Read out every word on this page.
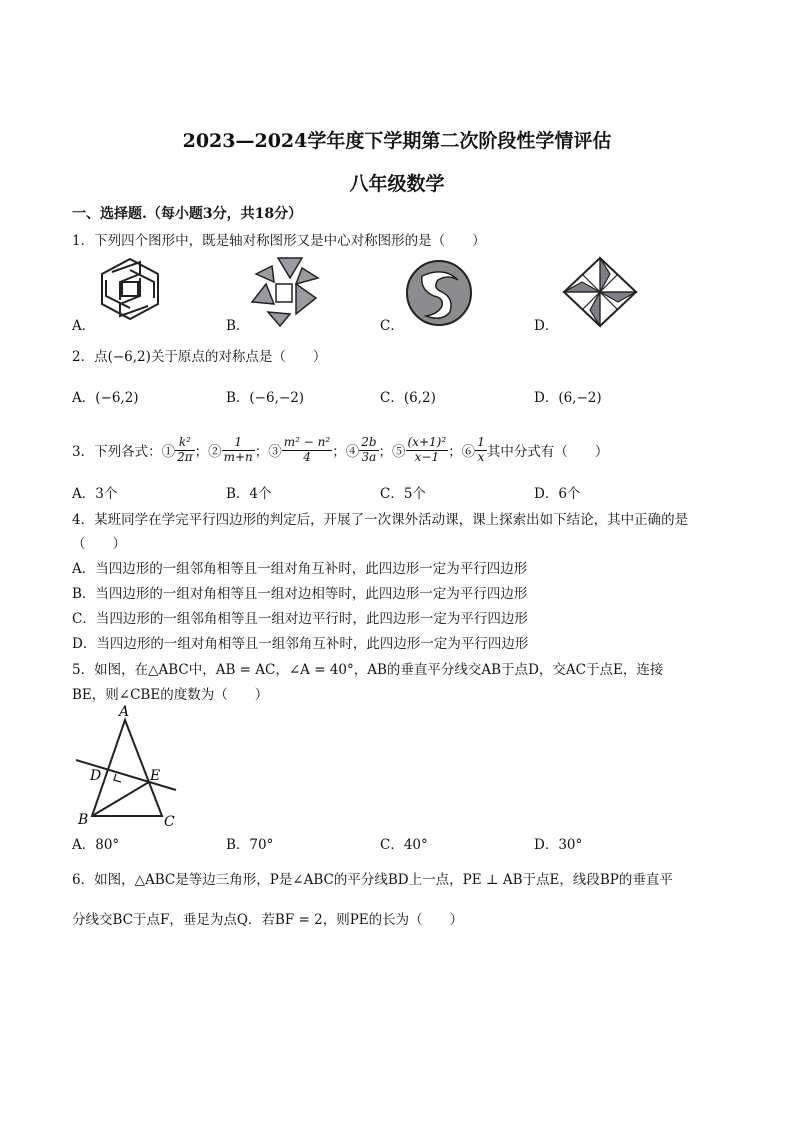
2023—2024学年度下学期第二次阶段性学情评估
八年级数学
一、选择题.（每小题3分，共18分）
1．下列四个图形中，既是轴对称图形又是中心对称图形的是（　　）
A．	B．	C．	D．
2．点(−6,2)关于原点的对称点是（　　）
A．(−6,2)	B．(−6,−2)	C．(6,2)	D．(6,−2)
3．下列各式：① $\frac{\text{k²}}{2\pi}$ ；② $\frac{1}{m+n}$ ；③ $\frac{\text{m² − n²}}{4}$ ；④ $\frac{2b}{3a}$ ；⑤ $\frac{\text{(x+1)²}}{x-1}$ ；⑥ $\frac{1}{x}$ 其中分式有（　　）
A．3个	B．4个	C．5个	D．6个
4．某班同学在学完平行四边形的判定后，开展了一次课外活动课，课上探索出如下结论，其中正确的是
（　　）
A．当四边形的一组邻角相等且一组对角互补时，此四边形一定为平行四边形
B．当四边形的一组对角相等且一组对边相等时，此四边形一定为平行四边形
C．当四边形的一组邻角相等且一组对边平行时，此四边形一定为平行四边形
D．当四边形的一组对角相等且一组邻角互补时，此四边形一定为平行四边形
5．如图，在△ABC中，AB = AC，∠A = 40°，AB的垂直平分线交AB于点D，交AC于点E，连接
BE，则∠CBE的度数为（　　）
A
D	E
B	C
A．80°	B．70°	C．40°	D．30°
6．如图，△ABC是等边三角形，P是∠ABC的平分线BD上一点，PE ⊥ AB于点E，线段BP的垂直平
分线交BC于点F，垂足为点Q．若BF = 2，则PE的长为（　　）
